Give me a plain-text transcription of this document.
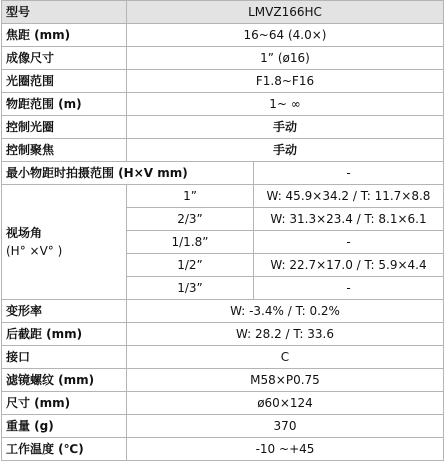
型号	LMVZ166HC	
焦距 (mm)	16~64 (4.0×)	
成像尺寸	1” (ø16)	
光圈范围	F1.8~F16	
物距范围 (m)	1~ ∞	
控制光圈	手动	
控制聚焦	手动	
最小物距时拍摄范围 (H×V mm)		-

视场角
(H° ×V° )	1”	W: 45.9×34.2 / T: 11.7×8.8
	2/3”	W: 31.3×23.4 / T: 8.1×6.1
	1/1.8”	-
	1/2”	W: 22.7×17.0 / T: 5.9×4.4
	1/3”	-
变形率	W: -3.4% / T: 0.2%	
后截距 (mm)	W: 28.2 / T: 33.6	
接口	C	
滤镜螺纹 (mm)	M58×P0.75	
尺寸 (mm)	ø60×124	
重量 (g)	370	
工作温度 (℃)	-10 ~+45	
